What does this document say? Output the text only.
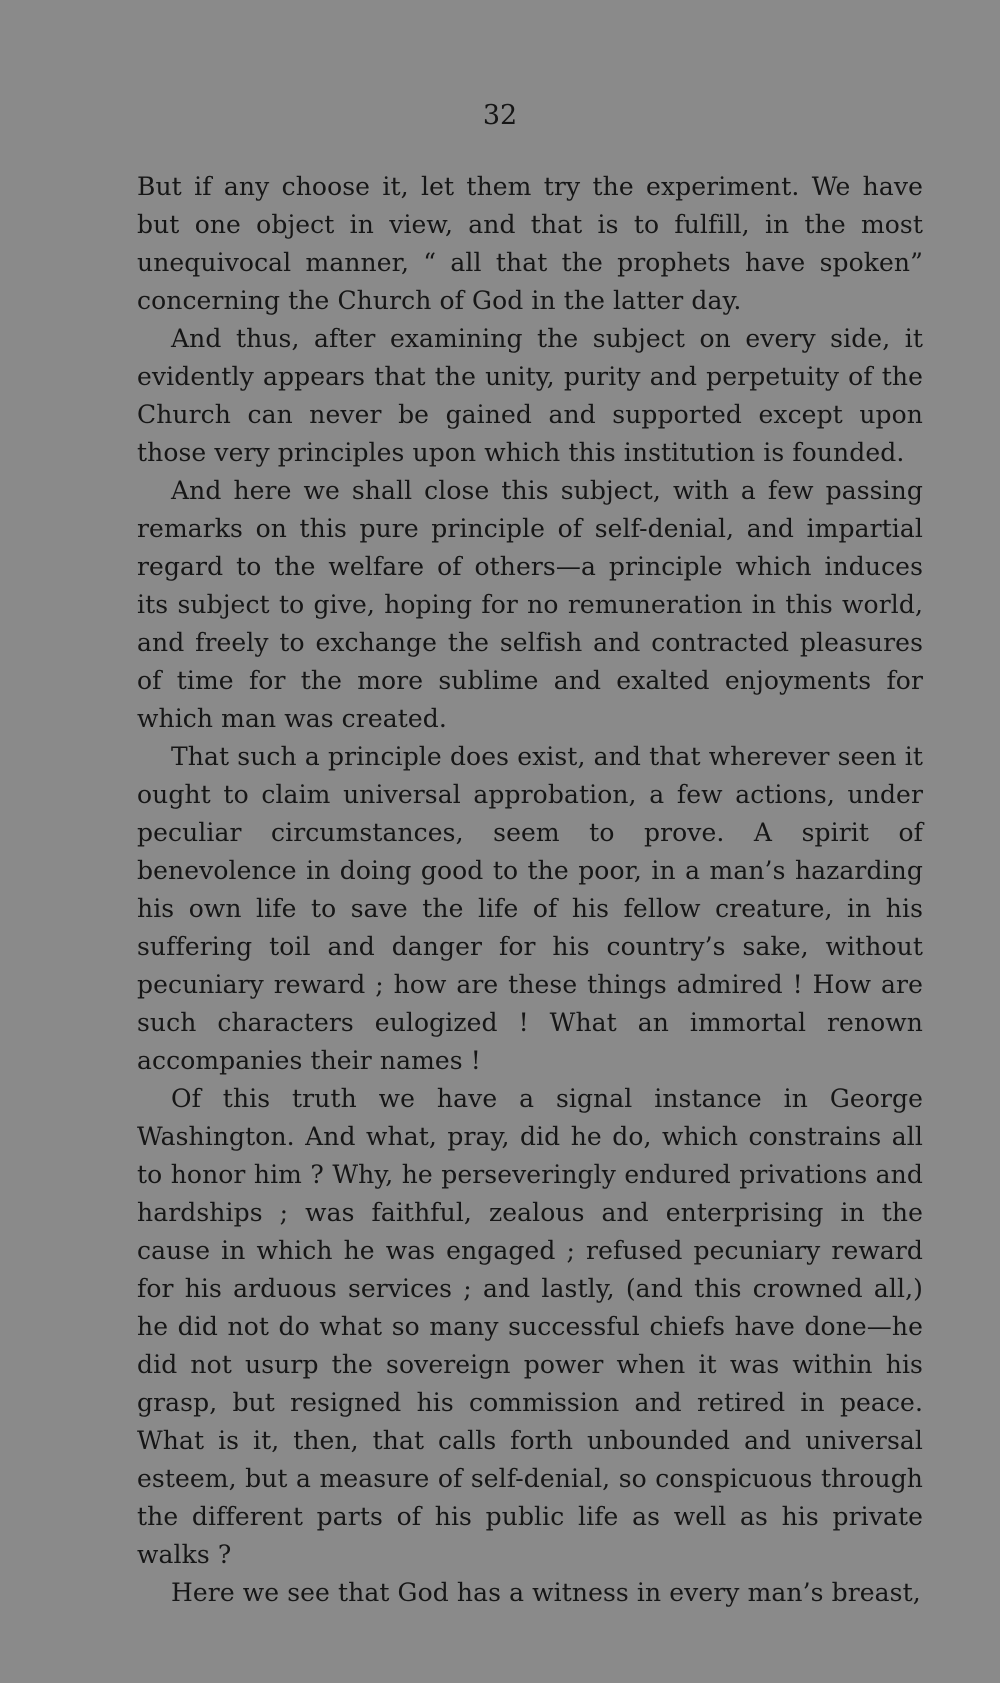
32

But if any choose it, let them try the experiment. We have but one object in view, and that is to fulfill, in the most unequivocal manner, “ all that the prophets have spoken” concerning the Church of God in the latter day.

And thus, after examining the subject on every side, it evidently appears that the unity, purity and perpetuity of the Church can never be gained and supported except upon those very principles upon which this institution is founded.

And here we shall close this subject, with a few passing remarks on this pure principle of self-denial, and impartial regard to the welfare of others—a principle which induces its subject to give, hoping for no remuneration in this world, and freely to exchange the selfish and contracted pleasures of time for the more sublime and exalted enjoyments for which man was created.

That such a principle does exist, and that wherever seen it ought to claim universal approbation, a few actions, under peculiar circumstances, seem to prove. A spirit of benevolence in doing good to the poor, in a man’s hazarding his own life to save the life of his fellow creature, in his suffering toil and danger for his country’s sake, without pecuniary reward ; how are these things admired ! How are such characters eulogized ! What an immortal renown accompanies their names !

Of this truth we have a signal instance in George Washington. And what, pray, did he do, which constrains all to honor him ? Why, he perseveringly endured privations and hardships ; was faithful, zealous and enterprising in the cause in which he was engaged ; refused pecuniary reward for his arduous services ; and lastly, (and this crowned all,) he did not do what so many successful chiefs have done—he did not usurp the sovereign power when it was within his grasp, but resigned his commission and retired in peace. What is it, then, that calls forth unbounded and universal esteem, but a measure of self-denial, so conspicuous through the different parts of his public life as well as his private walks ?

Here we see that God has a witness in every man’s breast,
